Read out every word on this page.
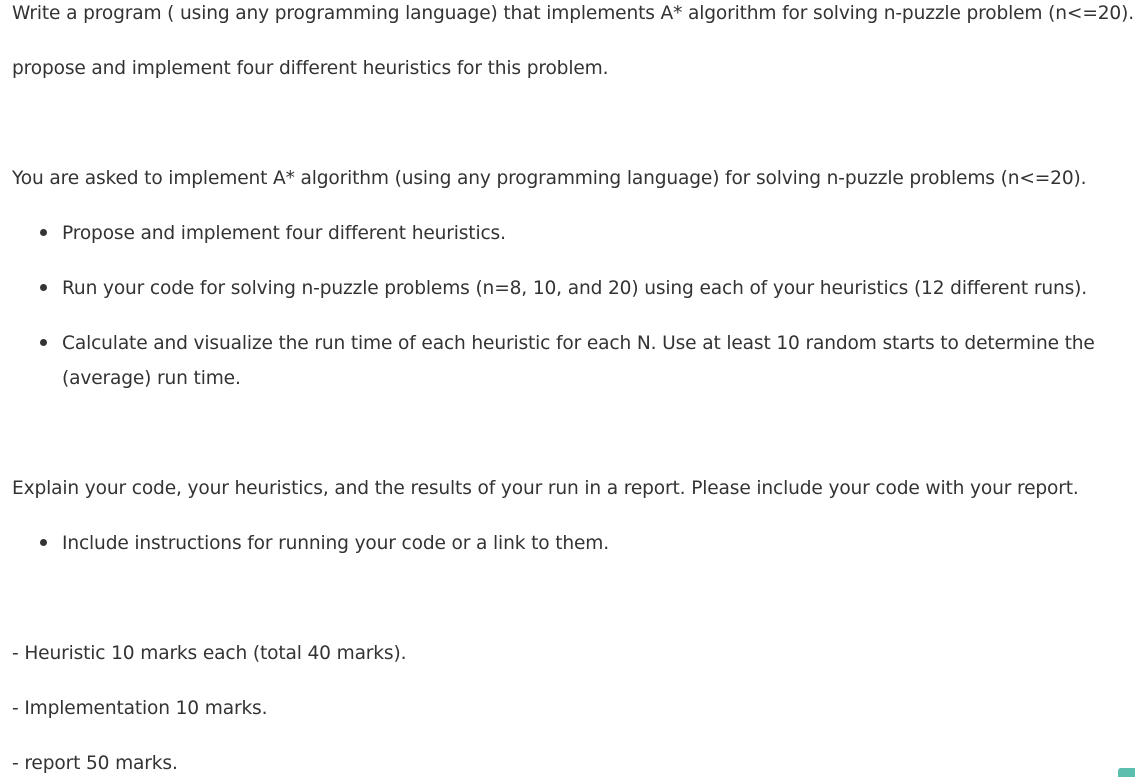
Write a program ( using any programming language) that implements A* algorithm for solving n-puzzle problem (n<=20).

propose and implement four different heuristics for this problem.

You are asked to implement A* algorithm (using any programming language) for solving n-puzzle problems (n<=20).

Propose and implement four different heuristics.

Run your code for solving n-puzzle problems (n=8, 10, and 20) using each of your heuristics (12 different runs).

Calculate and visualize the run time of each heuristic for each N. Use at least 10 random starts to determine the

(average) run time.

Explain your code, your heuristics, and the results of your run in a report. Please include your code with your report.

Include instructions for running your code or a link to them.

- Heuristic 10 marks each (total 40 marks).

- Implementation 10 marks.

- report 50 marks.
